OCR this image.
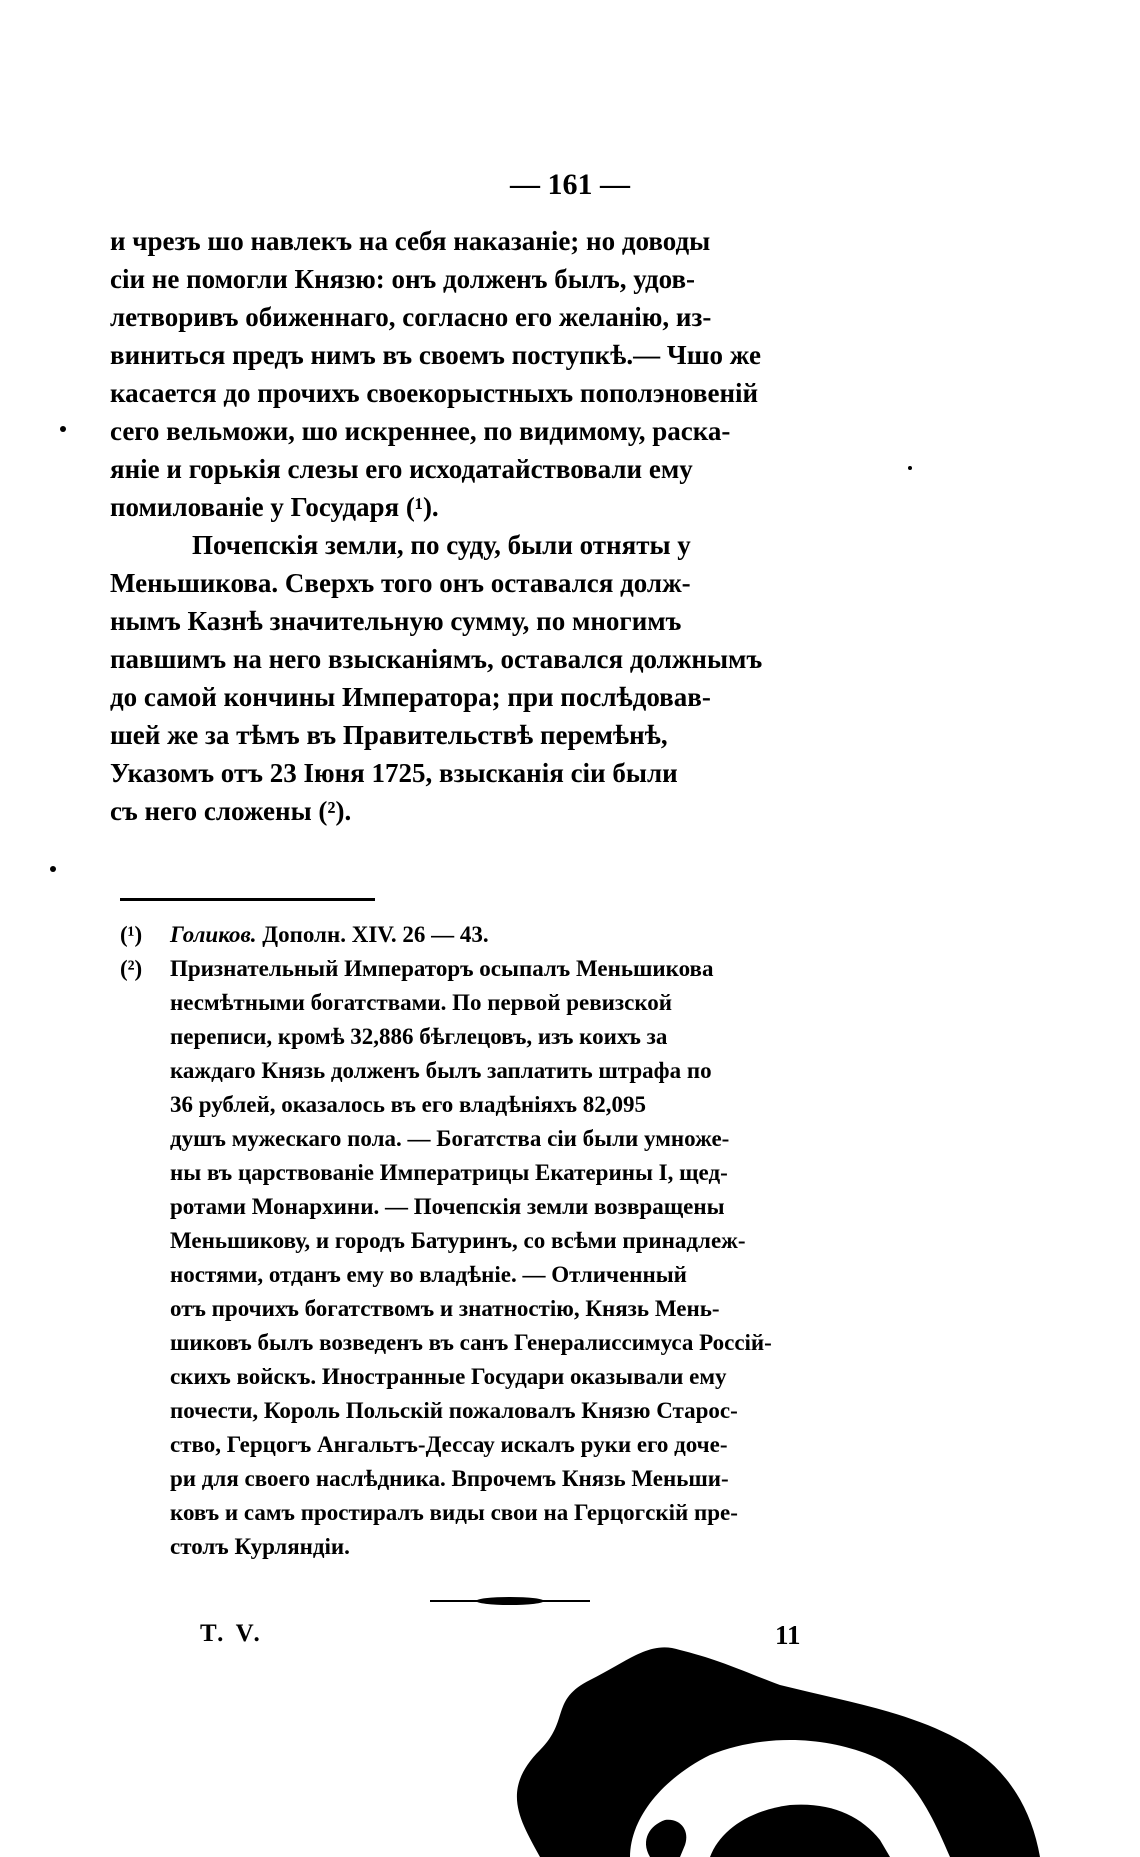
— 161 —
и чрезъ шо навлекъ на себя наказаніе; но доводы
сіи не помогли Князю: онъ долженъ былъ, удов-
летворивъ обиженнаго, согласно его желанію, из-
виниться предъ нимъ въ своемъ поступкѣ.— Чшо же
касается до прочихъ своекорыстныхъ пополэновеній
сего вельможи, шо искреннее, по видимому, раска-
яніе и горькія слезы его исходатайствовали ему
помилованіе у Государя (¹).
Почепскія земли, по суду, были отняты у
Меньшикова. Сверхъ того онъ оставался долж-
нымъ Казнѣ значительную сумму, по многимъ
павшимъ на него взысканіямъ, оставался должнымъ
до самой кончины Императора; при послѣдовав-
шей же за тѣмъ въ Правительствѣ перемѣнѣ,
Указомъ отъ 23 Іюня 1725, взысканія сіи были
съ него сложены (²).
(¹) Голиков. Дополн. XIV. 26 — 43.
(²) Признательный Императоръ осыпалъ Меньшикова
несмѣтными богатствами. По первой ревизской
переписи, кромѣ 32,886 бѣглецовъ, изъ коихъ за
каждаго Князь долженъ былъ заплатить штрафа по
36 рублей, оказалось въ его владѣніяхъ 82,095
душъ мужескаго пола. — Богатства сіи были умноже-
ны въ царствованіе Императрицы Екатерины I, щед-
ротами Монархини. — Почепскія земли возвращены
Меньшикову, и городъ Батуринъ, со всѣми принадлеж-
ностями, отданъ ему во владѣніе. — Отличенный
отъ прочихъ богатствомъ и знатностію, Князь Мень-
шиковъ былъ возведенъ въ санъ Генералиссимуса Россій-
скихъ войскъ. Иностранные Государи оказывали ему
почести, Король Польскій пожаловалъ Князю Старос-
ство, Герцогъ Ангальтъ-Дессау искалъ руки его доче-
ри для своего наслѣдника. Впрочемъ Князь Меньши-
ковъ и самъ простиралъ виды свои на Герцогскій пре-
столъ Курляндіи.
Т. V.	11
